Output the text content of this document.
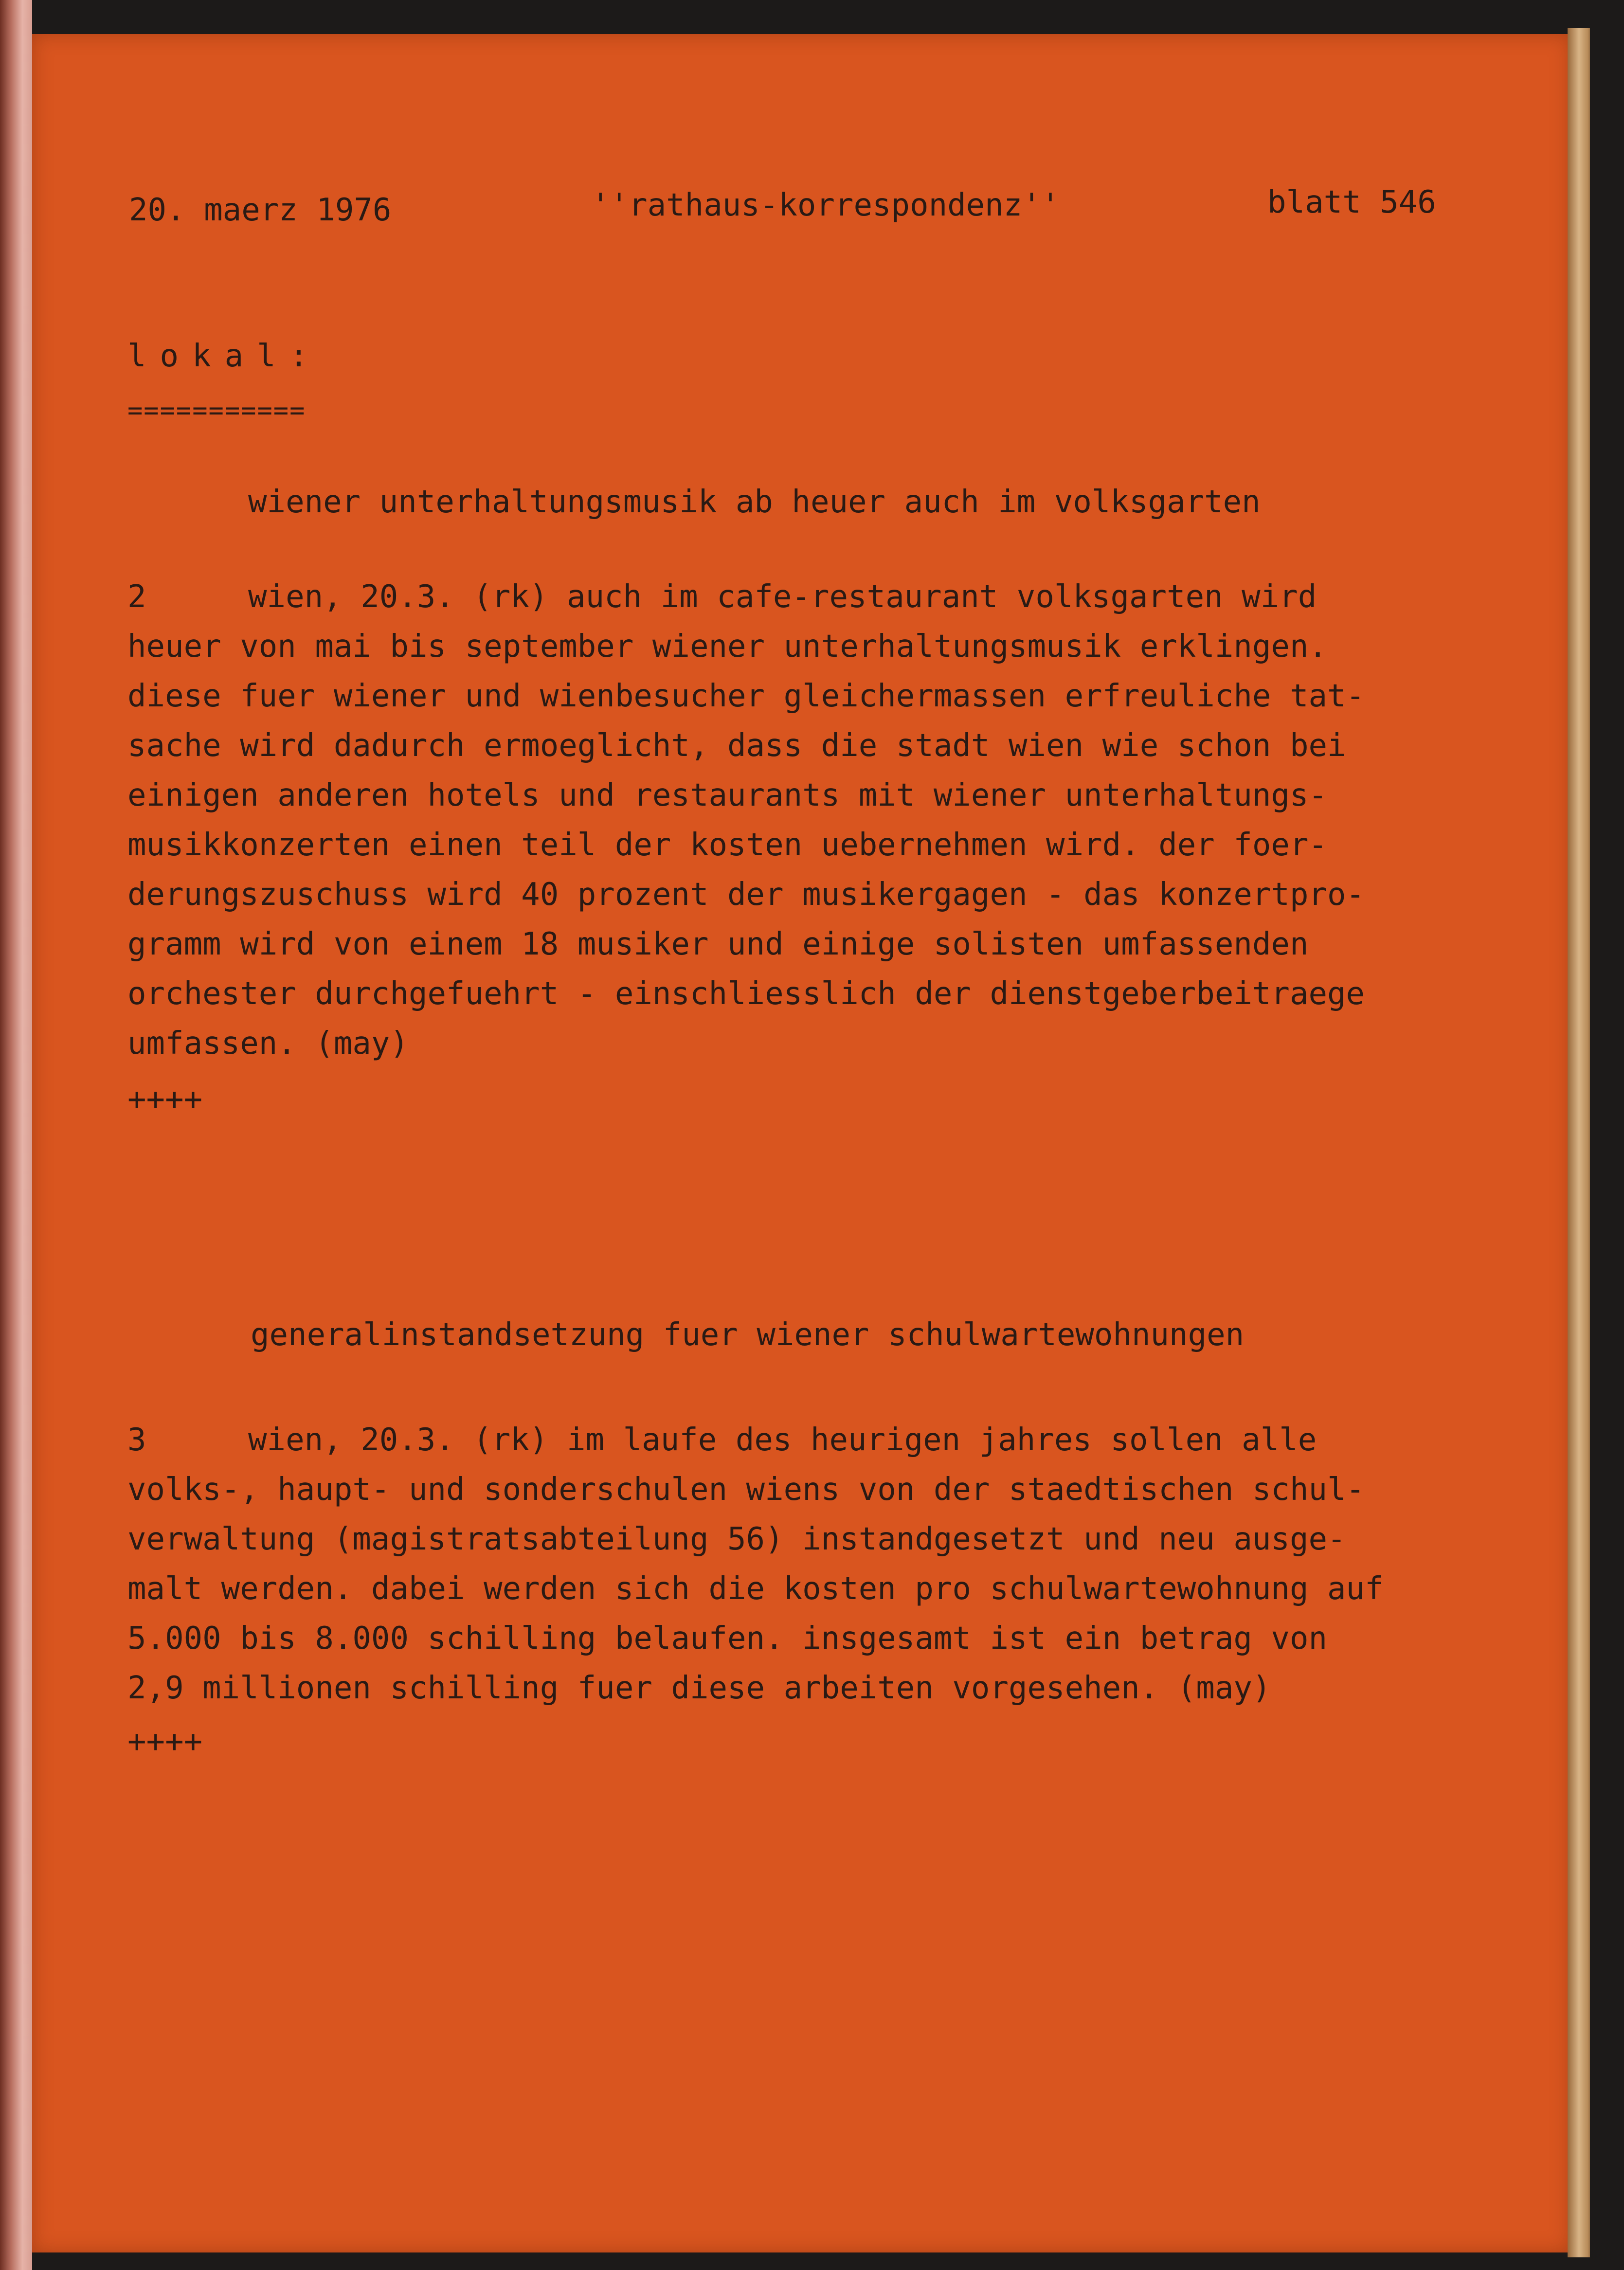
20. maerz 1976	''rathaus-korrespondenz''	blatt 546
lokal:
===========
wiener unterhaltungsmusik ab heuer auch im volksgarten
2	wien, 20.3. (rk) auch im cafe-restaurant volksgarten wird
heuer von mai bis september wiener unterhaltungsmusik erklingen.
diese fuer wiener und wienbesucher gleichermassen erfreuliche tat-
sache wird dadurch ermoeglicht, dass die stadt wien wie schon bei
einigen anderen hotels und restaurants mit wiener unterhaltungs-
musikkonzerten einen teil der kosten uebernehmen wird. der foer-
derungszuschuss wird 40 prozent der musikergagen - das konzertpro-
gramm wird von einem 18 musiker und einige solisten umfassenden
orchester durchgefuehrt - einschliesslich der dienstgeberbeitraege
umfassen. (may)
++++
generalinstandsetzung fuer wiener schulwartewohnungen
3	wien, 20.3. (rk) im laufe des heurigen jahres sollen alle
volks-, haupt- und sonderschulen wiens von der staedtischen schul-
verwaltung (magistratsabteilung 56) instandgesetzt und neu ausge-
malt werden. dabei werden sich die kosten pro schulwartewohnung auf
5.000 bis 8.000 schilling belaufen. insgesamt ist ein betrag von
2,9 millionen schilling fuer diese arbeiten vorgesehen. (may)
++++
